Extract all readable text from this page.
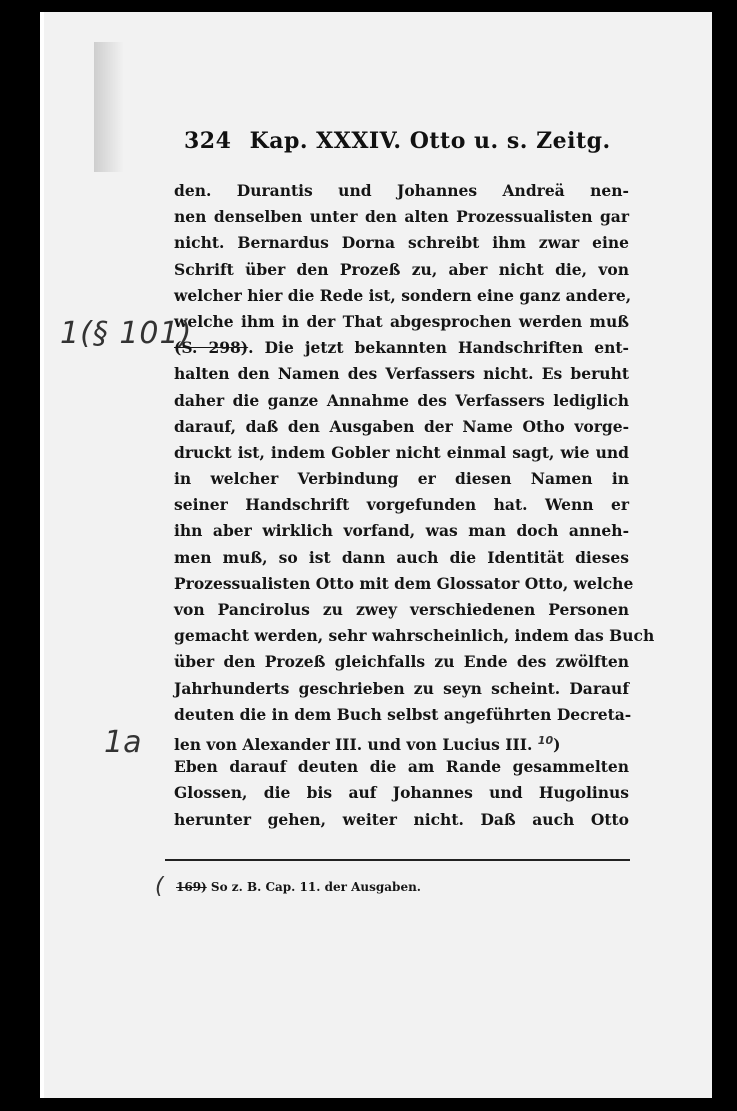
324 Kap. XXXIV. Otto u. s. Zeitg.
den. Durantis und Johannes Andreä nen-
nen denselben unter den alten Prozessualisten gar
nicht. Bernardus Dorna schreibt ihm zwar eine
Schrift über den Prozeß zu, aber nicht die, von
welcher hier die Rede ist, sondern eine ganz andere,
welche ihm in der That abgesprochen werden muß
(S. 298). Die jetzt bekannten Handschriften ent-
halten den Namen des Verfassers nicht. Es beruht
daher die ganze Annahme des Verfassers lediglich
darauf, daß den Ausgaben der Name Otho vorge-
druckt ist, indem Gobler nicht einmal sagt, wie und
in welcher Verbindung er diesen Namen in
seiner Handschrift vorgefunden hat. Wenn er
ihn aber wirklich vorfand, was man doch anneh-
men muß, so ist dann auch die Identität dieses
Prozessualisten Otto mit dem Glossator Otto, welche
von Pancirolus zu zwey verschiedenen Personen
gemacht werden, sehr wahrscheinlich, indem das Buch
über den Prozeß gleichfalls zu Ende des zwölften
Jahrhunderts geschrieben zu seyn scheint. Darauf
deuten die in dem Buch selbst angeführten Decreta-
len von Alexander III. und von Lucius III. $^{10}$)
Eben darauf deuten die am Rande gesammelten
Glossen, die bis auf Johannes und Hugolinus
herunter gehen, weiter nicht. Daß auch Otto
169) So z. B. Cap. 11. der Ausgaben.
1(§ 101)
1a
(
